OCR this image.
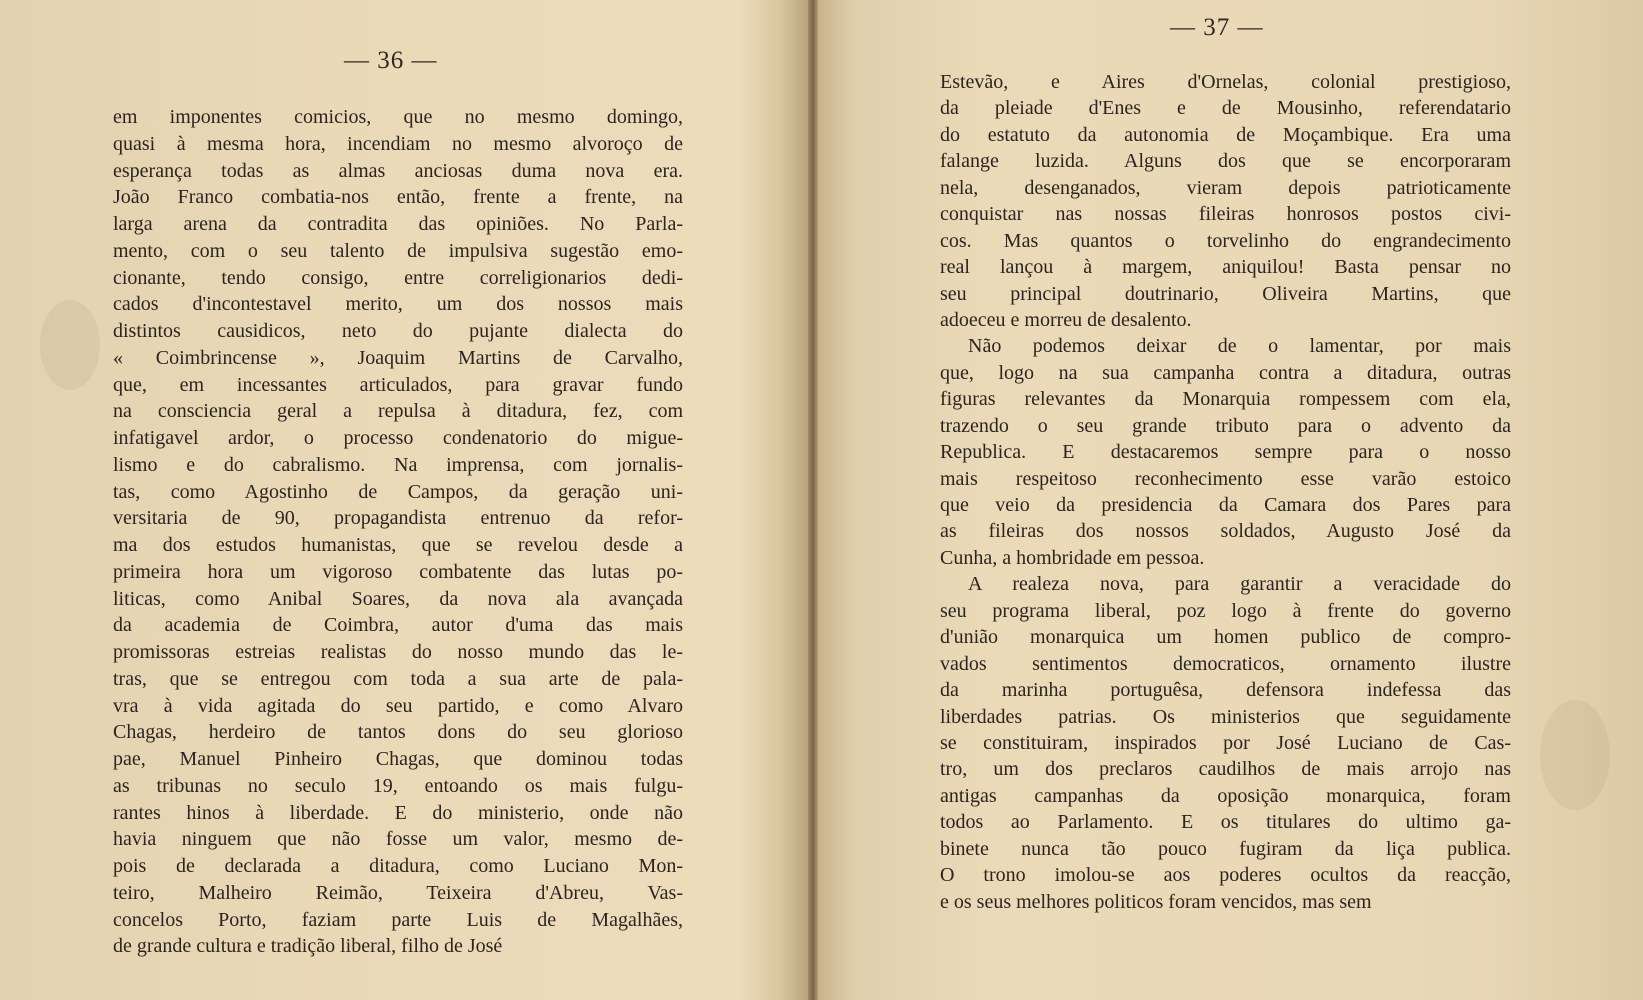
— 36 —
em imponentes comicios, que no mesmo domingo,
quasi à mesma hora, incendiam no mesmo alvoroço de
esperança todas as almas anciosas duma nova era.
João Franco combatia-nos então, frente a frente, na
larga arena da contradita das opiniões. No Parla-
mento, com o seu talento de impulsiva sugestão emo-
cionante, tendo consigo, entre correligionarios dedi-
cados d'incontestavel merito, um dos nossos mais
distintos causidicos, neto do pujante dialecta do
« Coimbrincense », Joaquim Martins de Carvalho,
que, em incessantes articulados, para gravar fundo
na consciencia geral a repulsa à ditadura, fez, com
infatigavel ardor, o processo condenatorio do migue-
lismo e do cabralismo. Na imprensa, com jornalis-
tas, como Agostinho de Campos, da geração uni-
versitaria de 90, propagandista entrenuo da refor-
ma dos estudos humanistas, que se revelou desde a
primeira hora um vigoroso combatente das lutas po-
liticas, como Anibal Soares, da nova ala avançada
da academia de Coimbra, autor d'uma das mais
promissoras estreias realistas do nosso mundo das le-
tras, que se entregou com toda a sua arte de pala-
vra à vida agitada do seu partido, e como Alvaro
Chagas, herdeiro de tantos dons do seu glorioso
pae, Manuel Pinheiro Chagas, que dominou todas
as tribunas no seculo 19, entoando os mais fulgu-
rantes hinos à liberdade. E do ministerio, onde não
havia ninguem que não fosse um valor, mesmo de-
pois de declarada a ditadura, como Luciano Mon-
teiro, Malheiro Reimão, Teixeira d'Abreu, Vas-
concelos Porto, faziam parte Luis de Magalhães,
de grande cultura e tradição liberal, filho de José
— 37 —
Estevão, e Aires d'Ornelas, colonial prestigioso,
da pleiade d'Enes e de Mousinho, referendatario
do estatuto da autonomia de Moçambique. Era uma
falange luzida. Alguns dos que se encorporaram
nela, desenganados, vieram depois patrioticamente
conquistar nas nossas fileiras honrosos postos civi-
cos. Mas quantos o torvelinho do engrandecimento
real lançou à margem, aniquilou! Basta pensar no
seu principal doutrinario, Oliveira Martins, que
adoeceu e morreu de desalento.
Não podemos deixar de o lamentar, por mais
que, logo na sua campanha contra a ditadura, outras
figuras relevantes da Monarquia rompessem com ela,
trazendo o seu grande tributo para o advento da
Republica. E destacaremos sempre para o nosso
mais respeitoso reconhecimento esse varão estoico
que veio da presidencia da Camara dos Pares para
as fileiras dos nossos soldados, Augusto José da
Cunha, a hombridade em pessoa.
A realeza nova, para garantir a veracidade do
seu programa liberal, poz logo à frente do governo
d'união monarquica um homen publico de compro-
vados sentimentos democraticos, ornamento ilustre
da marinha portuguêsa, defensora indefessa das
liberdades patrias. Os ministerios que seguidamente
se constituiram, inspirados por José Luciano de Cas-
tro, um dos preclaros caudilhos de mais arrojo nas
antigas campanhas da oposição monarquica, foram
todos ao Parlamento. E os titulares do ultimo ga-
binete nunca tão pouco fugiram da liça publica.
O trono imolou-se aos poderes ocultos da reacção,
e os seus melhores politicos foram vencidos, mas sem
